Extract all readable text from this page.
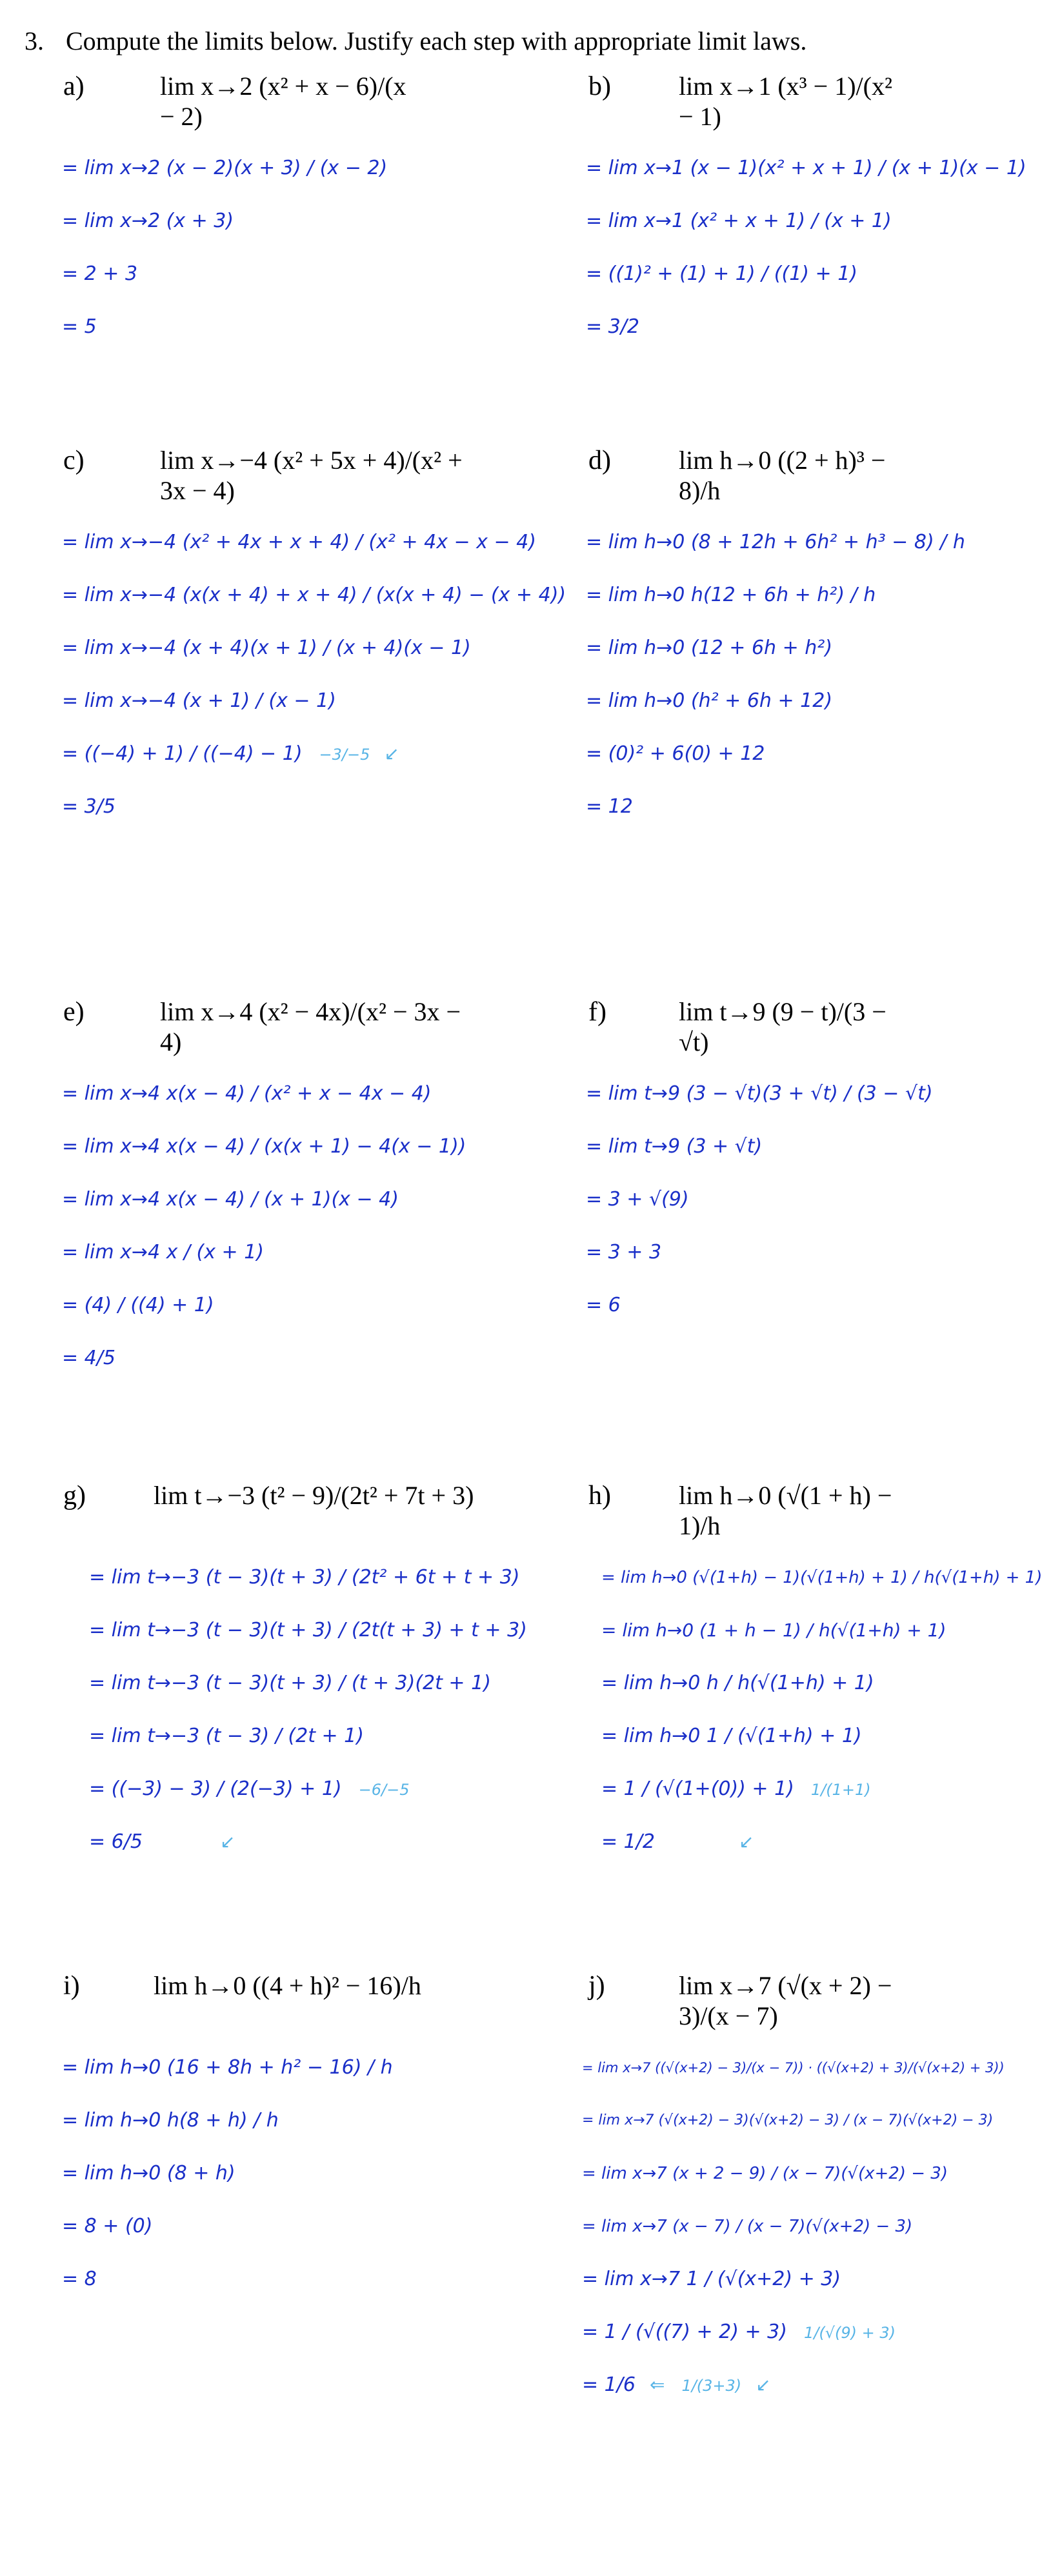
3. Compute the limits below. Justify each step with appropriate limit laws.
a)	lim x→2 (x² + x − 6)/(x − 2)
= lim x→2 (x − 2)(x + 3) / (x − 2)
= lim x→2 (x + 3)
= 2 + 3
= 5
b)	lim x→1 (x³ − 1)/(x² − 1)
= lim x→1 (x − 1)(x² + x + 1) / (x + 1)(x − 1)
= lim x→1 (x² + x + 1) / (x + 1)
= ((1)² + (1) + 1) / ((1) + 1)
= 3/2
c)	lim x→−4 (x² + 5x + 4)/(x² + 3x − 4)
= lim x→−4 (x² + 4x + x + 4) / (x² + 4x − x − 4)
= lim x→−4 (x(x + 4) + x + 4) / (x(x + 4) − (x + 4))
= lim x→−4 (x + 4)(x + 1) / (x + 4)(x − 1)
= lim x→−4 (x + 1) / (x − 1)
= ((−4) + 1) / ((−4) − 1) −3/−5 ↙
= 3/5
d)	lim h→0 ((2 + h)³ − 8)/h
= lim h→0 (8 + 12h + 6h² + h³ − 8) / h
= lim h→0 h(12 + 6h + h²) / h
= lim h→0 (12 + 6h + h²)
= lim h→0 (h² + 6h + 12)
= (0)² + 6(0) + 12
= 12
e)	lim x→4 (x² − 4x)/(x² − 3x − 4)
= lim x→4 x(x − 4) / (x² + x − 4x − 4)
= lim x→4 x(x − 4) / (x(x + 1) − 4(x − 1))
= lim x→4 x(x − 4) / (x + 1)(x − 4)
= lim x→4 x / (x + 1)
= (4) / ((4) + 1)
= 4/5
f)	lim t→9 (9 − t)/(3 − √t)
= lim t→9 (3 − √t)(3 + √t) / (3 − √t)
= lim t→9 (3 + √t)
= 3 + √(9)
= 3 + 3
= 6
g)	lim t→−3 (t² − 9)/(2t² + 7t + 3)
= lim t→−3 (t − 3)(t + 3) / (2t² + 6t + t + 3)
= lim t→−3 (t − 3)(t + 3) / (2t(t + 3) + t + 3)
= lim t→−3 (t − 3)(t + 3) / (t + 3)(2t + 1)
= lim t→−3 (t − 3) / (2t + 1)
= ((−3) − 3) / (2(−3) + 1) −6/−5
= 6/5	↙
h)	lim h→0 (√(1 + h) − 1)/h
= lim h→0 (√(1+h) − 1)(√(1+h) + 1) / h(√(1+h) + 1)
= lim h→0 (1 + h − 1) / h(√(1+h) + 1)
= lim h→0 h / h(√(1+h) + 1)
= lim h→0 1 / (√(1+h) + 1)
= 1 / (√(1+(0)) + 1) 1/(1+1)
= 1/2	↙
i)	lim h→0 ((4 + h)² − 16)/h
= lim h→0 (16 + 8h + h² − 16) / h
= lim h→0 h(8 + h) / h
= lim h→0 (8 + h)
= 8 + (0)
= 8
j)	lim x→7 (√(x + 2) − 3)/(x − 7)
= lim x→7 ((√(x+2) − 3)/(x − 7)) · ((√(x+2) + 3)/(√(x+2) + 3))
= lim x→7 (√(x+2) − 3)(√(x+2) − 3) / (x − 7)(√(x+2) − 3)
= lim x→7 (x + 2 − 9) / (x − 7)(√(x+2) − 3)
= lim x→7 (x − 7) / (x − 7)(√(x+2) − 3)
= lim x→7 1 / (√(x+2) + 3)
= 1 / (√((7) + 2) + 3) 1/(√(9) + 3)
= 1/6 ⇐ 1/(3+3) ↙
